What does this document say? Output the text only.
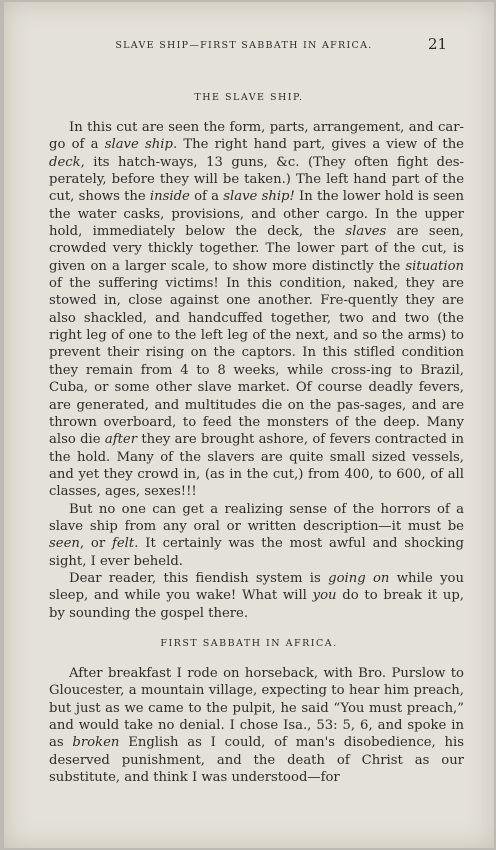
SLAVE SHIP—FIRST SABBATH IN AFRICA.	21
THE SLAVE SHIP.

In this cut are seen the form, parts, arrangement, and car-go of a slave ship. The right hand part, gives a view of the deck, its hatch-ways, 13 guns, &c. (They often fight des-perately, before they will be taken.) The left hand part of the cut, shows the inside of a slave ship! In the lower hold is seen the water casks, provisions, and other cargo. In the upper hold, immediately below the deck, the slaves are seen, crowded very thickly together. The lower part of the cut, is given on a larger scale, to show more distinctly the situation of the suffering victims! In this condition, naked, they are stowed in, close against one another. Fre-quently they are also shackled, and handcuffed together, two and two (the right leg of one to the left leg of the next, and so the arms) to prevent their rising on the captors. In this stifled condition they remain from 4 to 8 weeks, while cross-ing to Brazil, Cuba, or some other slave market. Of course deadly fevers, are generated, and multitudes die on the pas-sages, and are thrown overboard, to feed the monsters of the deep. Many also die after they are brought ashore, of fevers contracted in the hold. Many of the slavers are quite small sized vessels, and yet they crowd in, (as in the cut,) from 400, to 600, of all classes, ages, sexes!!!

But no one can get a realizing sense of the horrors of a slave ship from any oral or written description—it must be seen, or felt. It certainly was the most awful and shocking sight, I ever beheld.

Dear reader, this fiendish system is going on while you sleep, and while you wake! What will you do to break it up, by sounding the gospel there.

FIRST SABBATH IN AFRICA.

After breakfast I rode on horseback, with Bro. Purslow to Gloucester, a mountain village, expecting to hear him preach, but just as we came to the pulpit, he said “You must preach,” and would take no denial. I chose Isa., 53: 5, 6, and spoke in as broken English as I could, of man's disobedience, his deserved punishment, and the death of Christ as our substitute, and think I was understood—for
